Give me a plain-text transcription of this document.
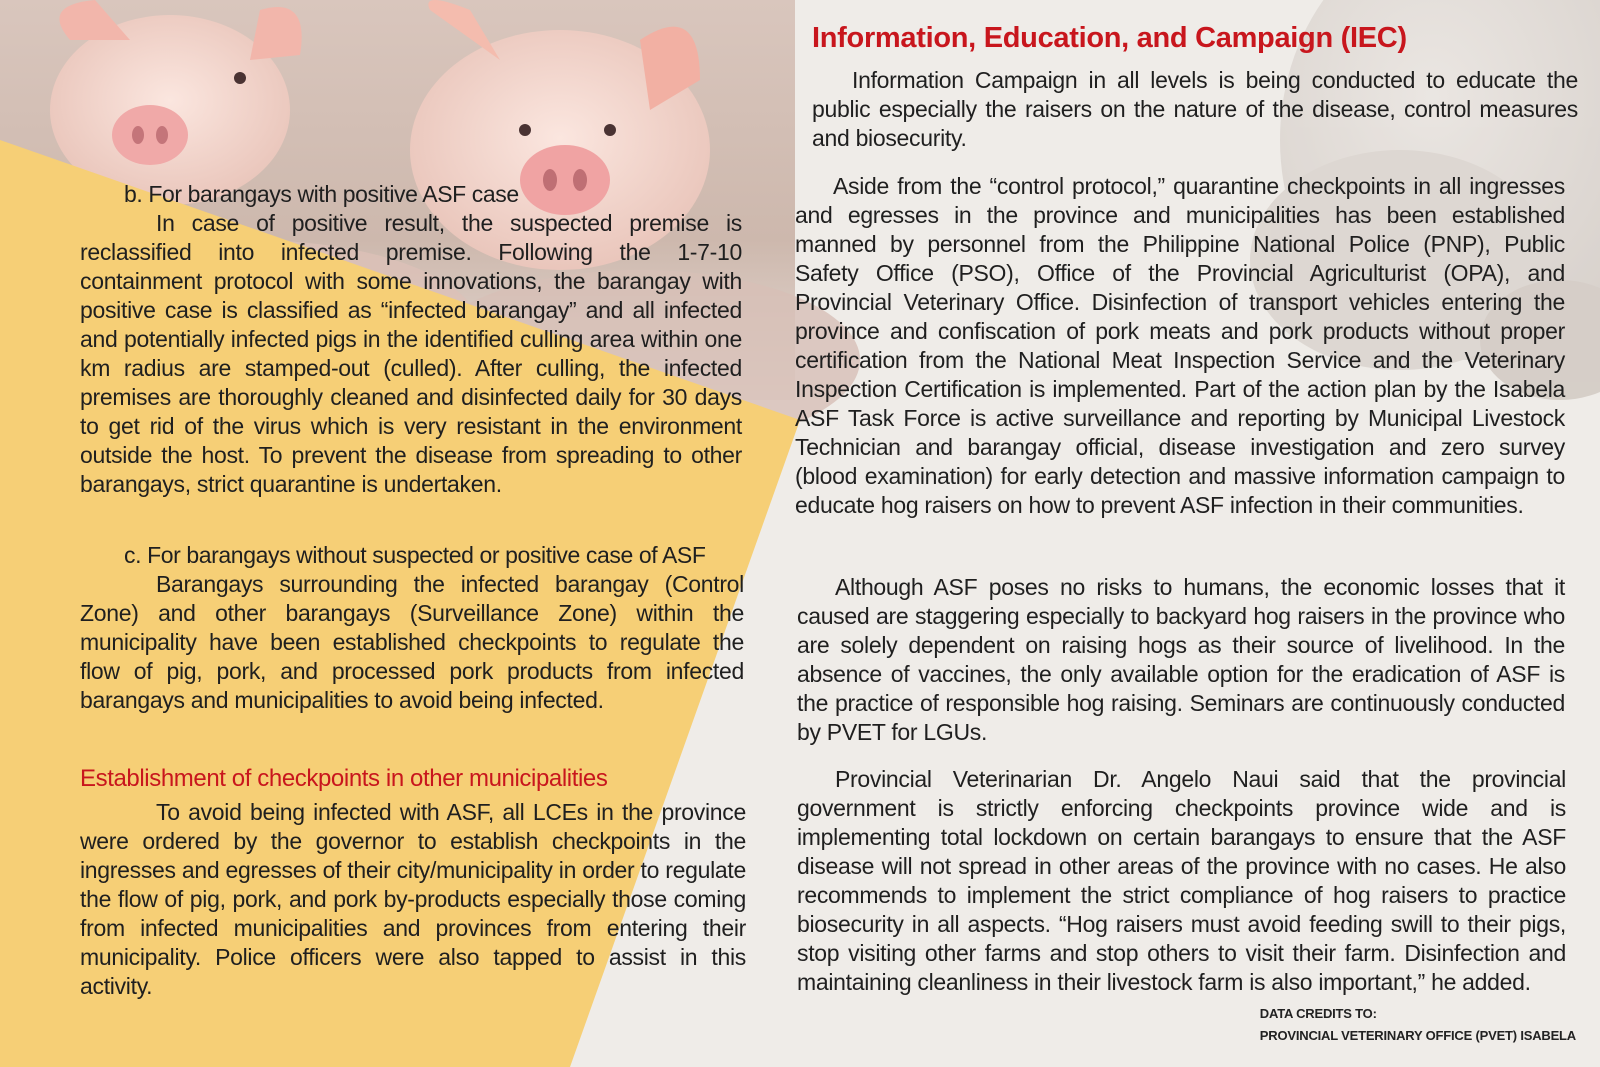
b. For barangays with positive ASF case

In case of positive result, the suspected premise is reclassified into infected premise. Following the 1-7-10 containment protocol with some innovations, the barangay with positive case is classified as “infected barangay” and all infected and potentially infected pigs in the identified culling area within one km radius are stamped-out (culled). After culling, the infected premises are thoroughly cleaned and disinfected daily for 30 days to get rid of the virus which is very resistant in the environment outside the host. To prevent the disease from spreading to other barangays, strict quarantine is undertaken.

c. For barangays without suspected or positive case of ASF

Barangays surrounding the infected barangay (Control Zone) and other barangays (Surveillance Zone) within the municipality have been established checkpoints to regulate the flow of pig, pork, and processed pork products from infected barangays and municipalities to avoid being infected.

Establishment of checkpoints in other municipalities

To avoid being infected with ASF, all LCEs in the province were ordered by the governor to establish checkpoints in the ingresses and egresses of their city/municipality in order to regulate the flow of pig, pork, and pork by-products especially those coming from infected municipalities and provinces from entering their municipality. Police officers were also tapped to assist in this activity.

Information, Education, and Campaign (IEC)

Information Campaign in all levels is being conducted to educate the public especially the raisers on the nature of the disease, control measures and biosecurity.

Aside from the “control protocol,” quarantine checkpoints in all ingresses and egresses in the province and municipalities has been established manned by personnel from the Philippine National Police (PNP), Public Safety Office (PSO), Office of the Provincial Agriculturist (OPA), and Provincial Veterinary Office. Disinfection of transport vehicles entering the province and confiscation of pork meats and pork products without proper certification from the National Meat Inspection Service and the Veterinary Inspection Certification is implemented. Part of the action plan by the Isabela ASF Task Force is active surveillance and reporting by Municipal Livestock Technician and barangay official, disease investigation and zero survey (blood examination) for early detection and massive information campaign to educate hog raisers on how to prevent ASF infection in their communities.

Although ASF poses no risks to humans, the economic losses that it caused are staggering especially to backyard hog raisers in the province who are solely dependent on raising hogs as their source of livelihood. In the absence of vaccines, the only available option for the eradication of ASF is the practice of responsible hog raising. Seminars are continuously conducted by PVET for LGUs.

Provincial Veterinarian Dr. Angelo Naui said that the provincial government is strictly enforcing checkpoints province wide and is implementing total lockdown on certain barangays to ensure that the ASF disease will not spread in other areas of the province with no cases. He also recommends to implement the strict compliance of hog raisers to practice biosecurity in all aspects. “Hog raisers must avoid feeding swill to their pigs, stop visiting other farms and stop others to visit their farm. Disinfection and maintaining cleanliness in their livestock farm is also important,” he added.

DATA CREDITS TO:
PROVINCIAL VETERINARY OFFICE (PVET) ISABELA
